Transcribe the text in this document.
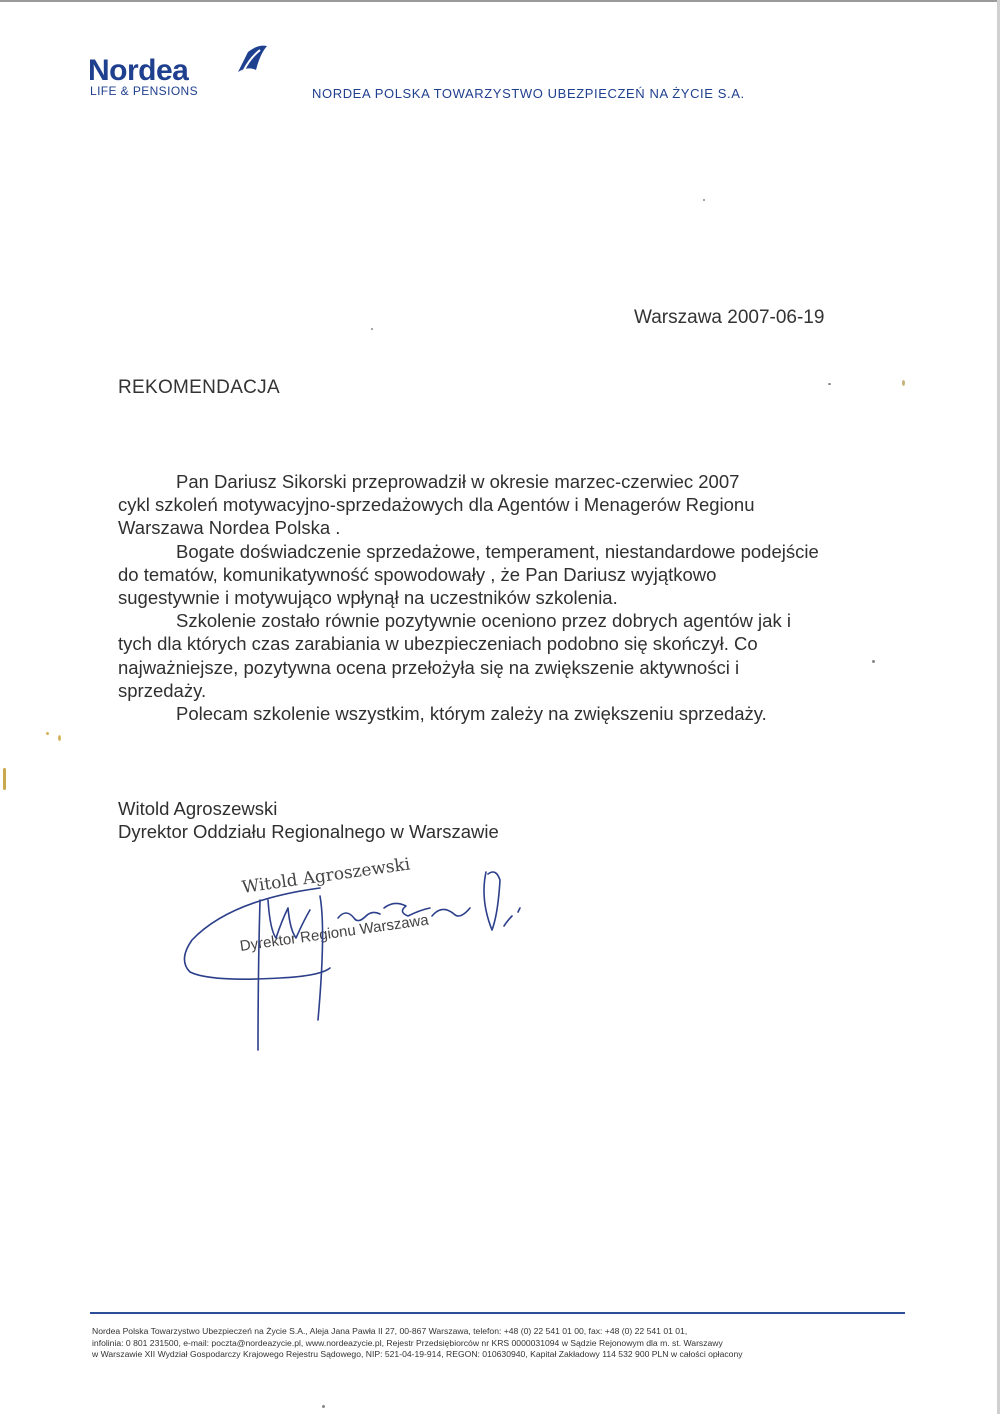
Nordea
LIFE & PENSIONS	NORDEA POLSKA TOWARZYSTWO UBEZPIECZEŃ NA ŻYCIE S.A.
Warszawa 2007-06-19
REKOMENDACJA
Pan Dariusz Sikorski przeprowadził w okresie marzec-czerwiec 2007
cykl szkoleń motywacyjno-sprzedażowych dla Agentów i Menagerów Regionu
Warszawa Nordea Polska .
Bogate doświadczenie sprzedażowe, temperament, niestandardowe podejście
do tematów, komunikatywność spowodowały , że Pan Dariusz wyjątkowo
sugestywnie i motywująco wpłynął na uczestników szkolenia.
Szkolenie zostało równie pozytywnie oceniono przez dobrych agentów jak i
tych dla których czas zarabiania w ubezpieczeniach podobno się skończył. Co
najważniejsze, pozytywna ocena przełożyła się na zwiększenie aktywności i
sprzedaży.
Polecam szkolenie wszystkim, którym zależy na zwiększeniu sprzedaży.
Witold Agroszewski
Dyrektor Oddziału Regionalnego w Warszawie
Witold Agroszewski
Dyrektor Regionu Warszawa
Nordea Polska Towarzystwo Ubezpieczeń na Życie S.A., Aleja Jana Pawła II 27, 00-867 Warszawa, telefon: +48 (0) 22 541 01 00, fax: +48 (0) 22 541 01 01,
infolinia: 0 801 231500, e-mail: poczta@nordeazycie.pl, www.nordeazycie.pl, Rejestr Przedsiębiorców nr KRS 0000031094 w Sądzie Rejonowym dla m. st. Warszawy
w Warszawie XII Wydział Gospodarczy Krajowego Rejestru Sądowego, NIP: 521-04-19-914, REGON: 010630940, Kapitał Zakładowy 114 532 900 PLN w całości opłacony
